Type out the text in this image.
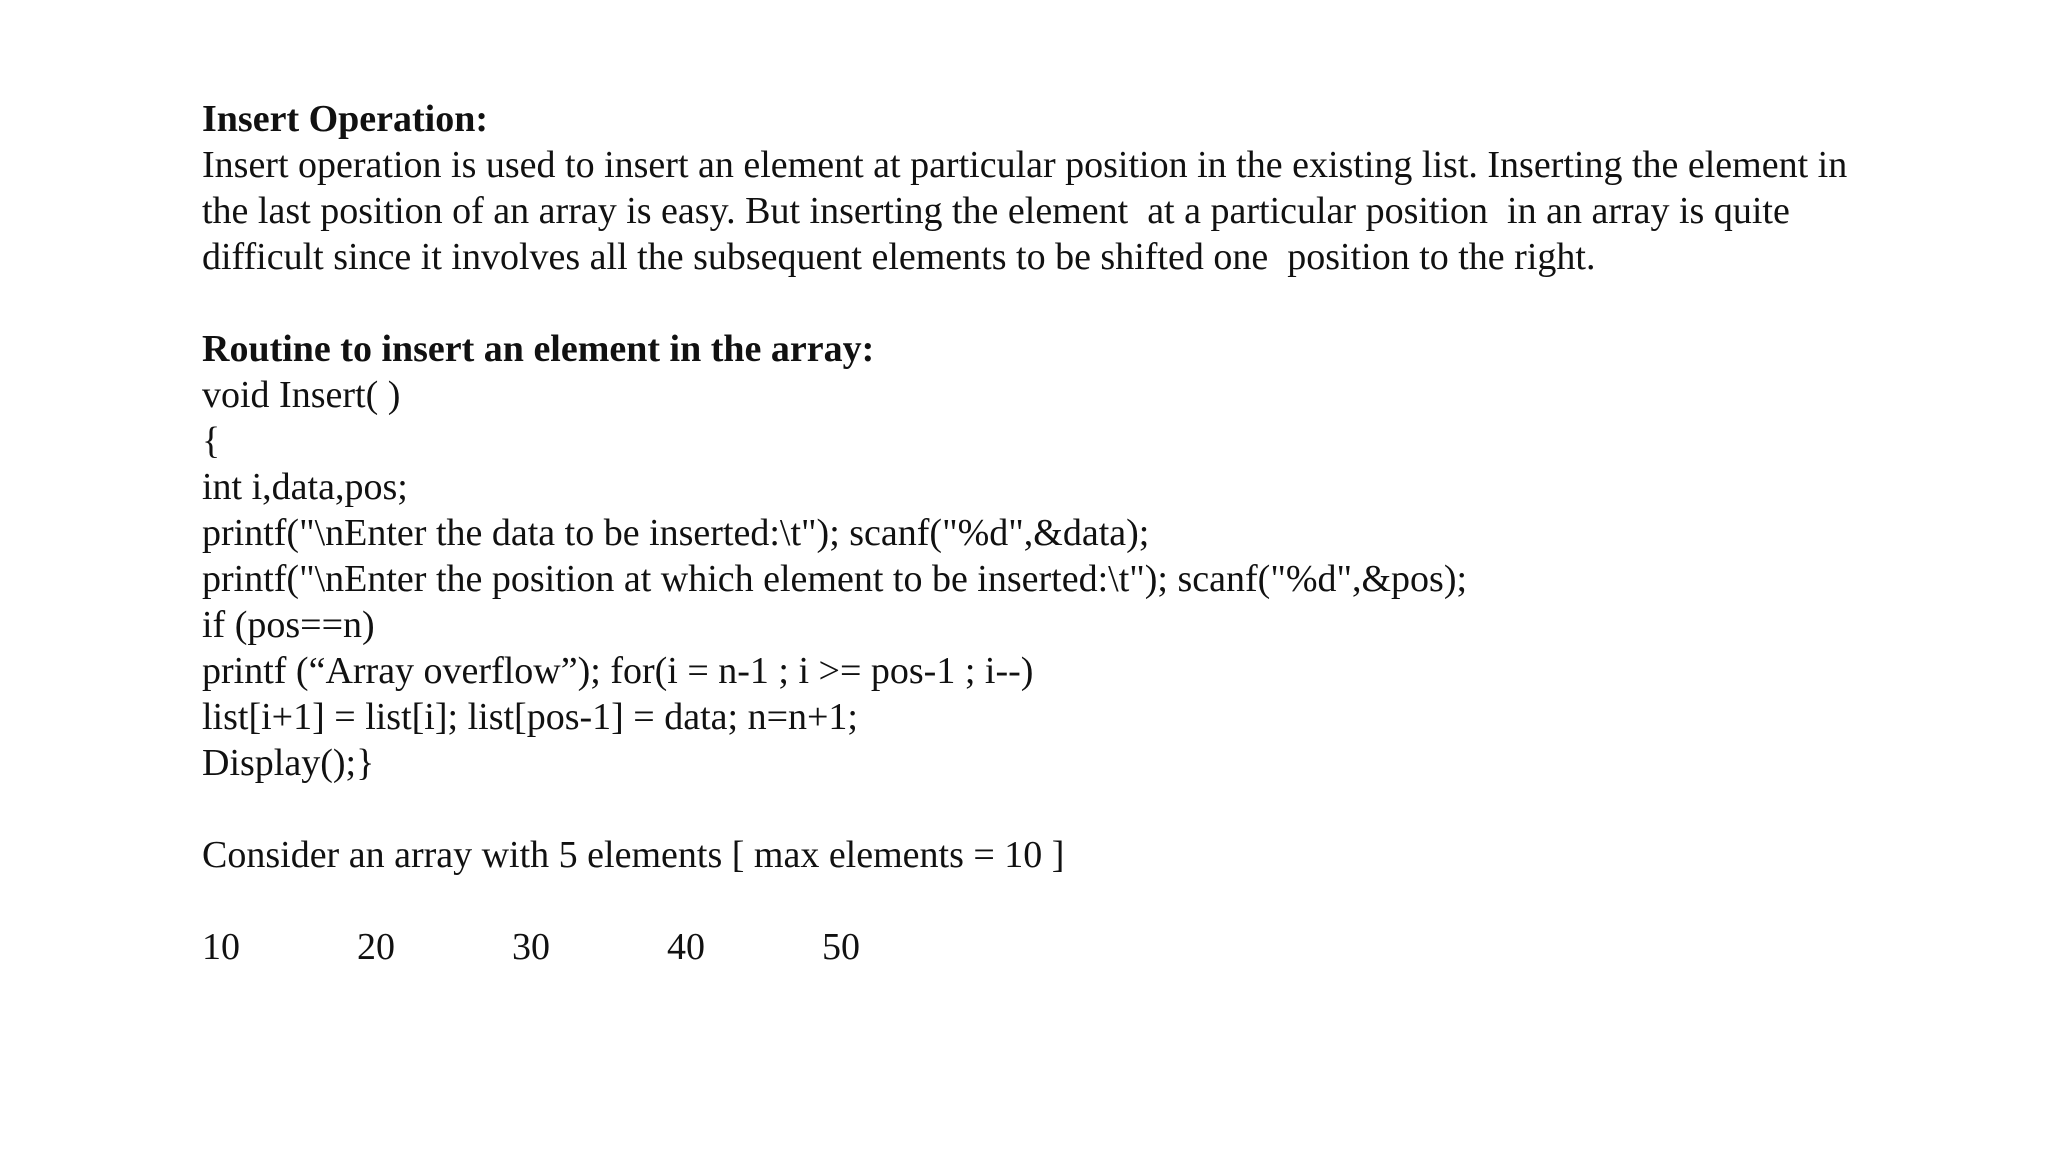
Insert Operation:

Insert operation is used to insert an element at particular position in the existing list. Inserting the element in
the last position of an array is easy. But inserting the element  at a particular position  in an array is quite
difficult since it involves all the subsequent elements to be shifted one  position to the right.

Routine to insert an element in the array:

void Insert( )
{
int i,data,pos;
printf("\nEnter the data to be inserted:\t"); scanf("%d",&data);
printf("\nEnter the position at which element to be inserted:\t"); scanf("%d",&pos);
if (pos==n)
printf (“Array overflow”); for(i = n-1 ; i >= pos-1 ; i--)
list[i+1] = list[i]; list[pos-1] = data; n=n+1;
Display();}

Consider an array with 5 elements [ max elements = 10 ]

10	20	30	40	50
